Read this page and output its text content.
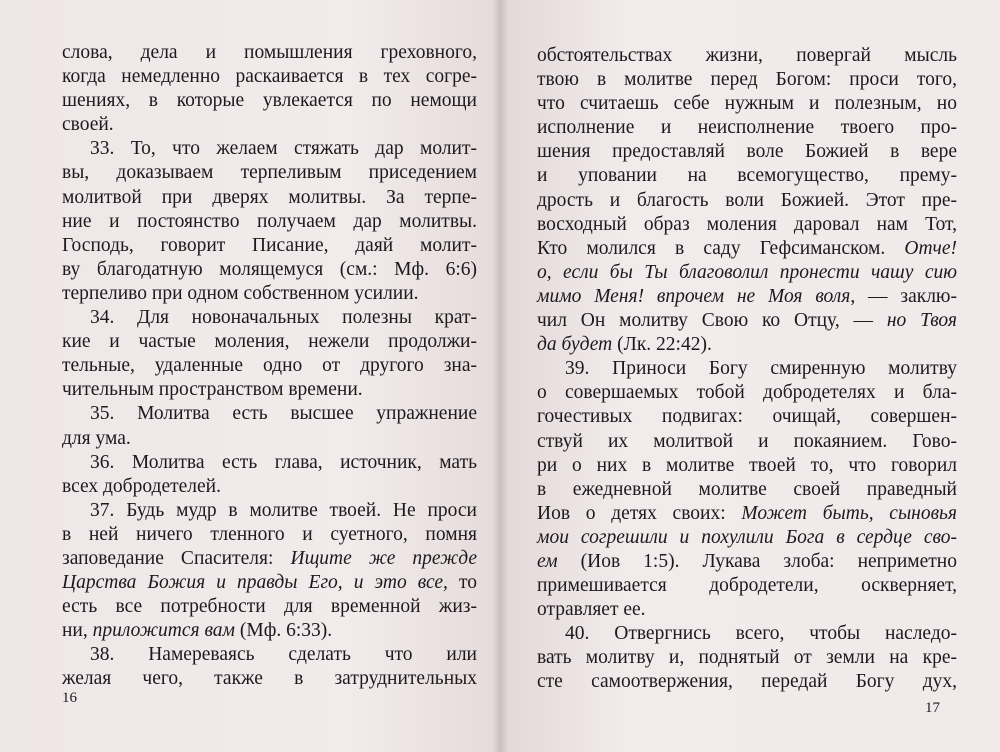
слова, дела и помышления греховного,
когда немедленно раскаивается в тех согре-
шениях, в которые увлекается по немощи
своей.
33. То, что желаем стяжать дар молит-
вы, доказываем терпеливым приседением
молитвой при дверях молитвы. За терпе-
ние и постоянство получаем дар молитвы.
Господь, говорит Писание, даяй молит-
ву благодатную молящемуся (см.: Мф. 6:6)
терпеливо при одном собственном усилии.
34. Для новоначальных полезны крат-
кие и частые моления, нежели продолжи-
тельные, удаленные одно от другого зна-
чительным пространством времени.
35. Молитва есть высшее упражнение
для ума.
36. Молитва есть глава, источник, мать
всех добродетелей.
37. Будь мудр в молитве твоей. Не проси
в ней ничего тленного и суетного, помня
заповедание Спасителя: Ищите же прежде
Царства Божия и правды Его, и это все, то
есть все потребности для временной жиз-
ни, приложится вам (Мф. 6:33).
38. Намереваясь сделать что или
желая чего, также в затруднительных
16
обстоятельствах жизни, повергай мысль
твою в молитве перед Богом: проси того,
что считаешь себе нужным и полезным, но
исполнение и неисполнение твоего про-
шения предоставляй воле Божией в вере
и уповании на всемогущество, прему-
дрость и благость воли Божией. Этот пре-
восходный образ моления даровал нам Тот,
Кто молился в саду Гефсиманском. Отче!
о, если бы Ты благоволил пронести чашу сию
мимо Меня! впрочем не Моя воля, — заклю-
чил Он молитву Свою ко Отцу, — но Твоя
да будет (Лк. 22:42).
39. Приноси Богу смиренную молитву
о совершаемых тобой добродетелях и бла-
гочестивых подвигах: очищай, совершен-
ствуй их молитвой и покаянием. Гово-
ри о них в молитве твоей то, что говорил
в ежедневной молитве своей праведный
Иов о детях своих: Может быть, сыновья
мои согрешили и похулили Бога в сердце сво-
ем (Иов 1:5). Лукава злоба: неприметно
примешивается добродетели, оскверняет,
отравляет ее.
40. Отвергнись всего, чтобы наследо-
вать молитву и, поднятый от земли на кре-
сте самоотвержения, передай Богу дух,
17
